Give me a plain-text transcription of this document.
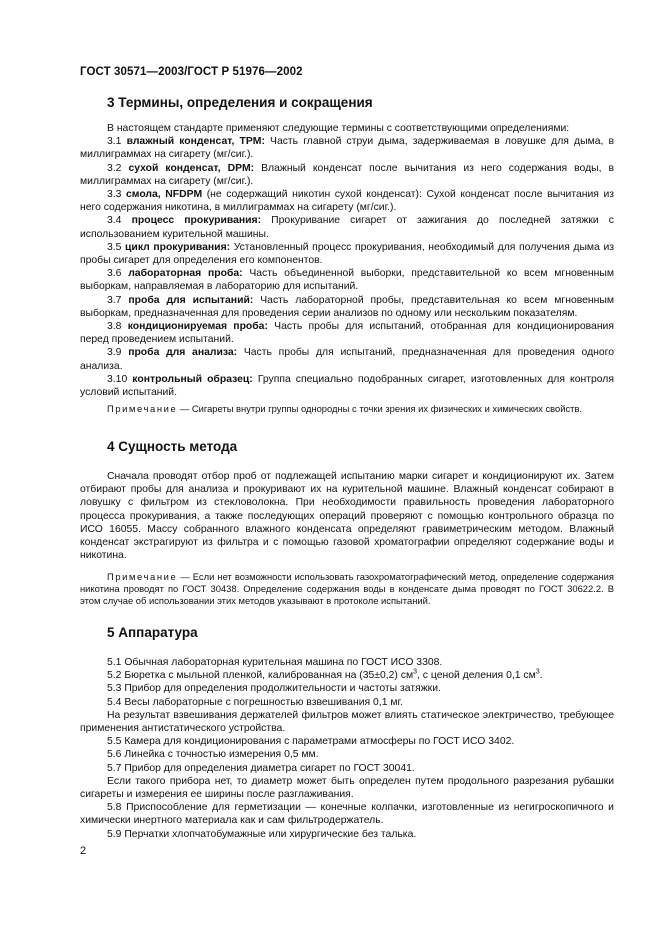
ГОСТ 30571—2003/ГОСТ Р 51976—2002
3 Термины, определения и сокращения

В настоящем стандарте применяют следующие термины с соответствующими определениями:

3.1 влажный конденсат, TPM: Часть главной струи дыма, задерживаемая в ловушке для дыма, в миллиграммах на сигарету (мг/сиг.).

3.2 сухой конденсат, DPM: Влажный конденсат после вычитания из него содержания воды, в миллиграммах на сигарету (мг/сиг.).

3.3 смола, NFDPM (не содержащий никотин сухой конденсат): Сухой конденсат после вычитания из него содержания никотина, в миллиграммах на сигарету (мг/сиг.).

3.4 процесс прокуривания: Прокуривание сигарет от зажигания до последней затяжки с использованием курительной машины.

3.5 цикл прокуривания: Установленный процесс прокуривания, необходимый для получения дыма из пробы сигарет для определения его компонентов.

3.6 лабораторная проба: Часть объединенной выборки, представительной ко всем мгновенным выборкам, направляемая в лабораторию для испытаний.

3.7 проба для испытаний: Часть лабораторной пробы, представительная ко всем мгновенным выборкам, предназначенная для проведения серии анализов по одному или нескольким показателям.

3.8 кондиционируемая проба: Часть пробы для испытаний, отобранная для кондиционирования перед проведением испытаний.

3.9 проба для анализа: Часть пробы для испытаний, предназначенная для проведения одного анализа.

3.10 контрольный образец: Группа специально подобранных сигарет, изготовленных для контроля условий испытаний.

Примечание — Сигареты внутри группы однородны с точки зрения их физических и химических свойств.

4 Сущность метода

Сначала проводят отбор проб от подлежащей испытанию марки сигарет и кондиционируют их. Затем отбирают пробы для анализа и прокуривают их на курительной машине. Влажный конденсат собирают в ловушку с фильтром из стекловолокна. При необходимости правильность проведения лабораторного процесса прокуривания, а также последующих операций проверяют с помощью контрольного образца по ИСО 16055. Массу собранного влажного конденсата определяют гравиметрическим методом. Влажный конденсат экстрагируют из фильтра и с помощью газовой хроматографии определяют содержание воды и никотина.

Примечание — Если нет возможности использовать газохроматографический метод, определение содержания никотина проводят по ГОСТ 30438. Определение содержания воды в конденсате дыма проводят по ГОСТ 30622.2. В этом случае об использовании этих методов указывают в протоколе испытаний.

5 Аппаратура

5.1 Обычная лабораторная курительная машина по ГОСТ ИСО 3308.

5.2 Бюретка с мыльной пленкой, калиброванная на (35±0,2) $см^3$, с ценой деления 0,1 $см^3$.

5.3 Прибор для определения продолжительности и частоты затяжки.

5.4 Весы лабораторные с погрешностью взвешивания 0,1 мг.

На результат взвешивания держателей фильтров может влиять статическое электричество, требующее применения антистатического устройства.

5.5 Камера для кондиционирования с параметрами атмосферы по ГОСТ ИСО 3402.

5.6 Линейка с точностью измерения 0,5 мм.

5.7 Прибор для определения диаметра сигарет по ГОСТ 30041.

Если такого прибора нет, то диаметр может быть определен путем продольного разрезания рубашки сигареты и измерения ее ширины после разглаживания.

5.8 Приспособление для герметизации — конечные колпачки, изготовленные из негигроскопичного и химически инертного материала как и сам фильтродержатель.

5.9 Перчатки хлопчатобумажные или хирургические без талька.

2
